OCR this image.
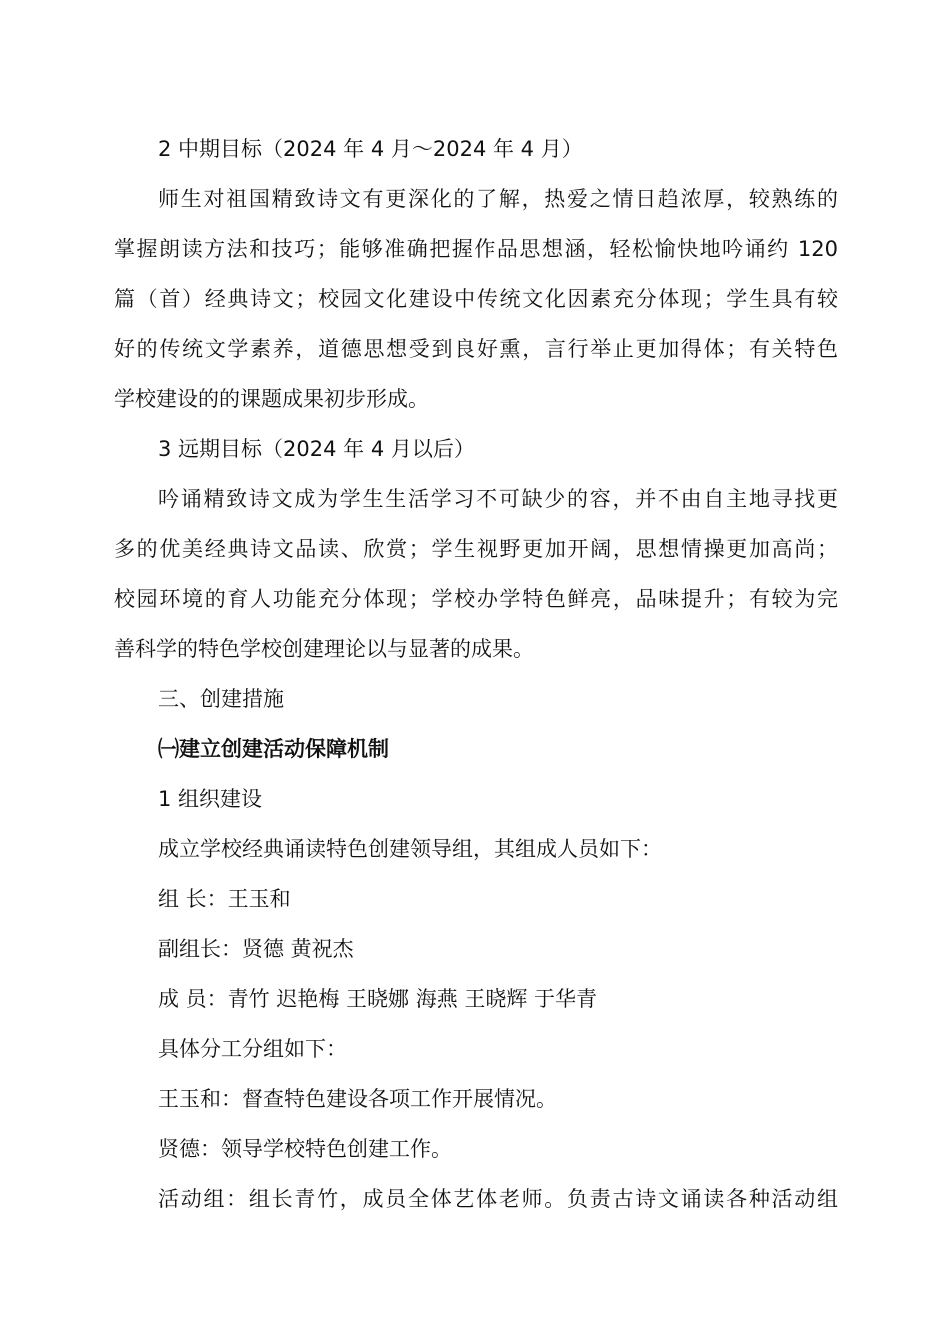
2 中期目标（2024 年 4 月～2024 年 4 月）
师生对祖国精致诗文有更深化的了解，热爱之情日趋浓厚，较熟练的
掌握朗读方法和技巧；能够准确把握作品思想涵，轻松愉快地吟诵约 120
篇（首）经典诗文；校园文化建设中传统文化因素充分体现；学生具有较
好的传统文学素养，道德思想受到良好熏，言行举止更加得体；有关特色
学校建设的的课题成果初步形成。
3 远期目标（2024 年 4 月以后）
吟诵精致诗文成为学生生活学习不可缺少的容，并不由自主地寻找更
多的优美经典诗文品读、欣赏；学生视野更加开阔，思想情操更加高尚；
校园环境的育人功能充分体现；学校办学特色鲜亮，品味提升；有较为完
善科学的特色学校创建理论以与显著的成果。
三、创建措施
㈠建立创建活动保障机制
1 组织建设
成立学校经典诵读特色创建领导组，其组成人员如下：
组 长：王玉和
副组长：贤德 黄祝杰
成 员：青竹 迟艳梅 王晓娜 海燕 王晓辉 于华青
具体分工分组如下：
王玉和：督查特色建设各项工作开展情况。
贤德：领导学校特色创建工作。
活动组：组长青竹，成员全体艺体老师。负责古诗文诵读各种活动组
